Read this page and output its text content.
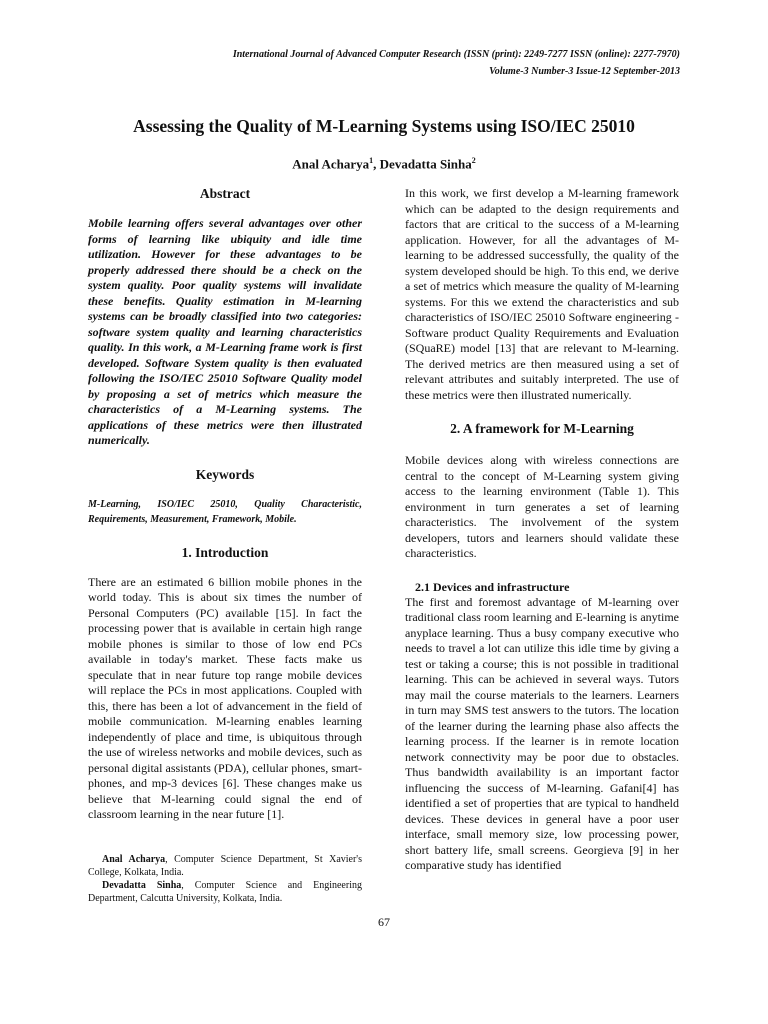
International Journal of Advanced Computer Research (ISSN (print): 2249-7277 ISSN (online): 2277-7970)
Volume-3 Number-3 Issue-12 September-2013
Assessing the Quality of M-Learning Systems using ISO/IEC 25010
Anal Acharya$^1$, Devadatta Sinha$^2$
Abstract

Mobile learning offers several advantages over other forms of learning like ubiquity and idle time utilization. However for these advantages to be properly addressed there should be a check on the system quality. Poor quality systems will invalidate these benefits. Quality estimation in M-learning systems can be broadly classified into two categories: software system quality and learning characteristics quality. In this work, a M-Learning frame work is first developed. Software System quality is then evaluated following the ISO/IEC 25010 Software Quality model by proposing a set of metrics which measure the characteristics of a M-Learning systems. The applications of these metrics were then illustrated numerically.

Keywords

M-Learning, ISO/IEC 25010, Quality Characteristic, Requirements, Measurement, Framework, Mobile.

1. Introduction

There are an estimated 6 billion mobile phones in the world today. This is about six times the number of Personal Computers (PC) available [15]. In fact the processing power that is available in certain high range mobile phones is similar to those of low end PCs available in today's market. These facts make us speculate that in near future top range mobile devices will replace the PCs in most applications. Coupled with this, there has been a lot of advancement in the field of mobile communication. M-learning enables learning independently of place and time, is ubiquitous through the use of wireless networks and mobile devices, such as personal digital assistants (PDA), cellular phones, smart-phones, and mp-3 devices [6]. These changes make us believe that M-learning could signal the end of classroom learning in the near future [1].

Anal Acharya, Computer Science Department, St Xavier's College, Kolkata, India.

Devadatta Sinha, Computer Science and Engineering Department, Calcutta University, Kolkata, India.

In this work, we first develop a M-learning framework which can be adapted to the design requirements and factors that are critical to the success of a M-learning application. However, for all the advantages of M-learning to be addressed successfully, the quality of the system developed should be high. To this end, we derive a set of metrics which measure the quality of M-learning systems. For this we extend the characteristics and sub characteristics of ISO/IEC 25010 Software engineering - Software product Quality Requirements and Evaluation (SQuaRE) model [13] that are relevant to M-learning. The derived metrics are then measured using a set of relevant attributes and suitably interpreted. The use of these metrics were then illustrated numerically.

2. A framework for M-Learning

Mobile devices along with wireless connections are central to the concept of M-Learning system giving access to the learning environment (Table 1). This environment in turn generates a set of learning characteristics. The involvement of the system developers, tutors and learners should validate these characteristics.

2.1 Devices and infrastructure

The first and foremost advantage of M-learning over traditional class room learning and E-learning is anytime anyplace learning. Thus a busy company executive who needs to travel a lot can utilize this idle time by giving a test or taking a course; this is not possible in traditional learning. This can be achieved in several ways. Tutors may mail the course materials to the learners. Learners in turn may SMS test answers to the tutors. The location of the learner during the learning phase also affects the learning process. If the learner is in remote location network connectivity may be poor due to obstacles. Thus bandwidth availability is an important factor influencing the success of M-learning. Gafani[4] has identified a set of properties that are typical to handheld devices. These devices in general have a poor user interface, small memory size, low processing power, short battery life, small screens. Georgieva [9] in her comparative study has identified

67
